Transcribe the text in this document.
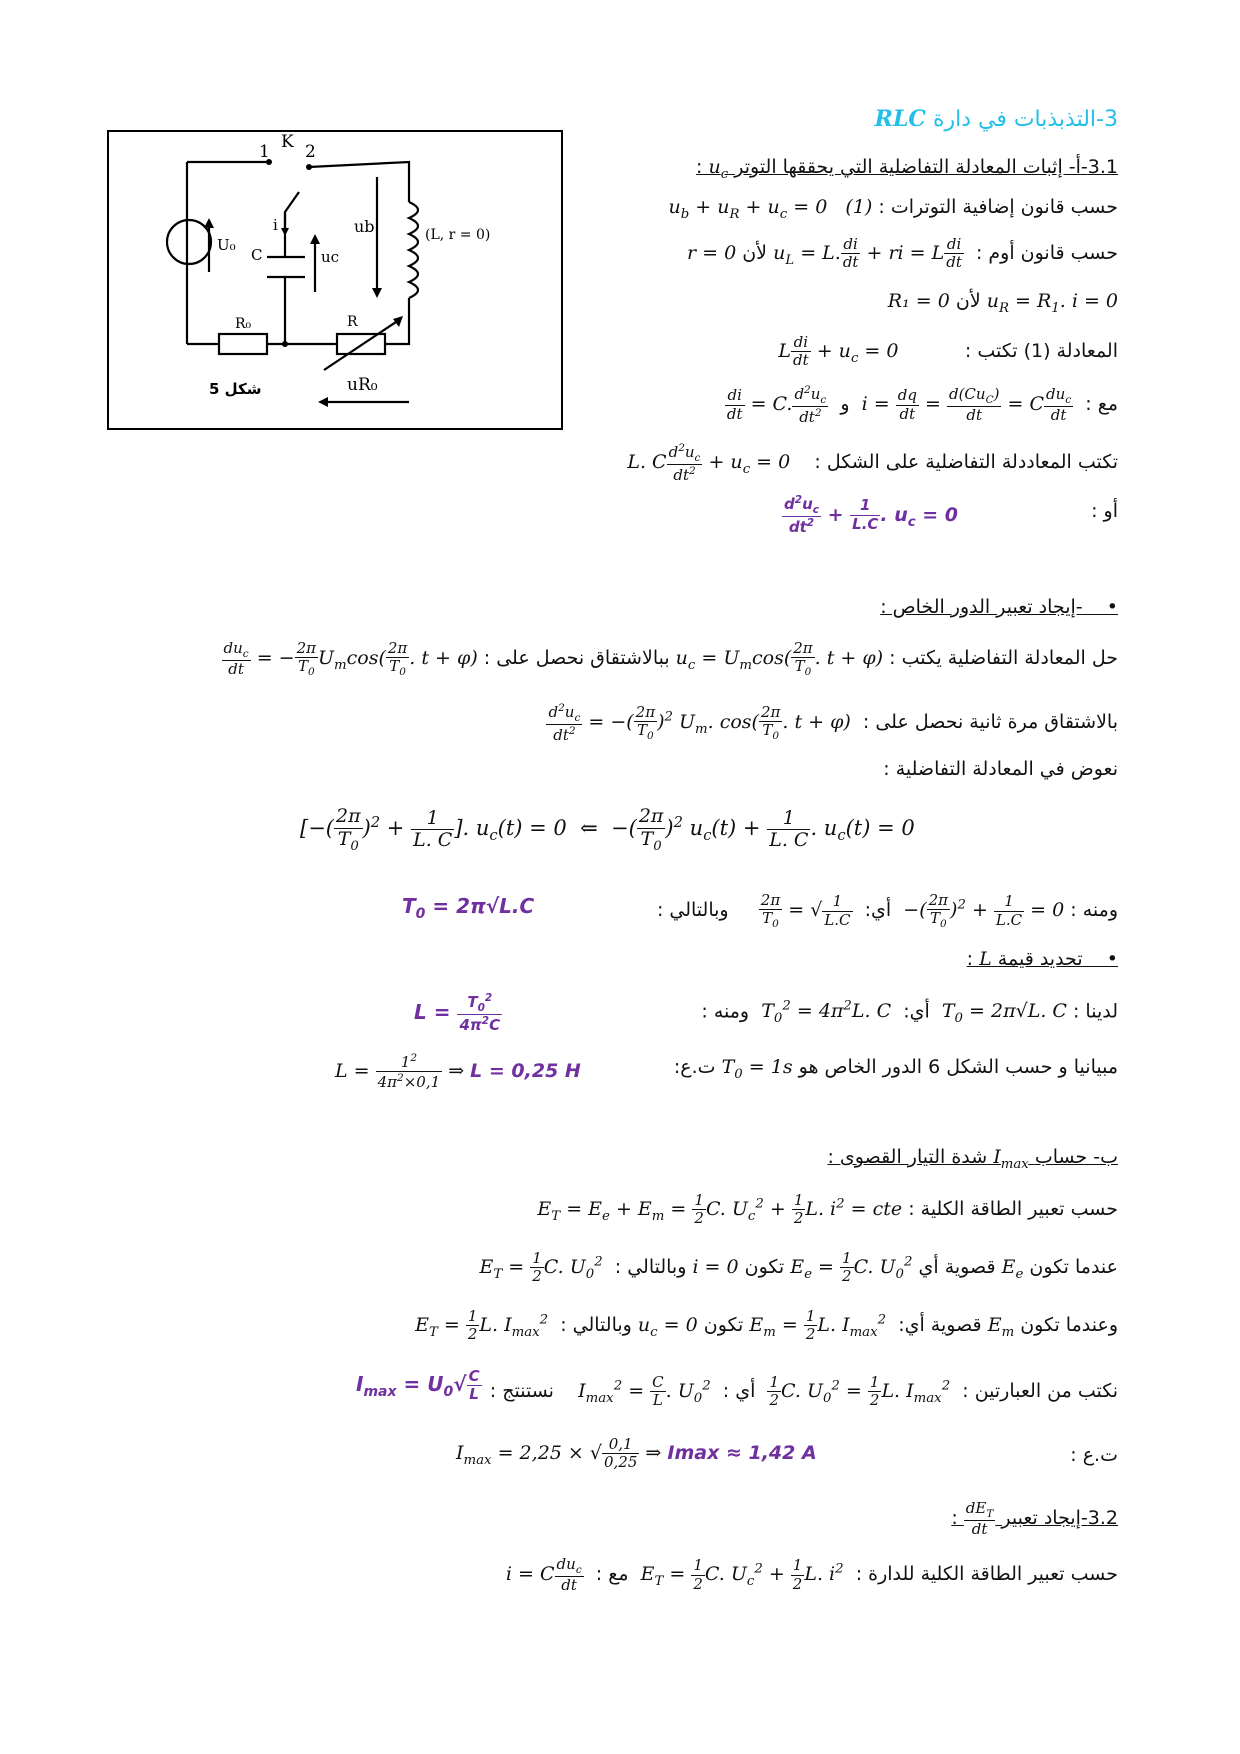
3-التذبذبات في دارة RLC
1 K 2
U₀
C
i
uc
ub	(L, r = 0)
R₀	R
uR₀
شكل 5
3.1-أ- إثبات المعادلة التفاضلية التي يحققها التوتر $u_c$ :
حسب قانون إضافية التوترات : $u_b + u_R + u_c = 0$   (1)
حسب قانون أوم :  $u_L = L$. $\frac{di}{dt}$ + ri = L $\frac{di}{dt}$
لأن r = 0
$u_R = R_1$. i = 0 لأن R₁ = 0
المعادلة (1) تكتب :           L $\frac{di}{dt} + u_c = 0$
مع :  $i = \frac{dq}{dt} = \frac{d(Cu_C)}{dt} = C \frac{du_c}{dt}$
و
$\frac{di}{dt} = C$. $\frac{d^2u_c}{dt^2}$
تكتب المعاددلة التفاضلية على الشكل :    L. C $\frac{d^2u_c}{dt^2} + u_c = 0$
أو :
$\frac{d^2u_c}{dt^2} + \frac{1}{L.C}$ . $u_c = 0$
•    -إيجاد تعبير الدور الخاص :
حل المعادلة التفاضلية يكتب : $u_c = U_m\cos( \frac{2\pi}{T_0}$ . t + φ) ببالاشتقاق نحصل على :
$\frac{du_c}{dt}$ = − $\frac{2\pi}{T_0} U_m\cos( \frac{2\pi}{T_0}$ . t + φ)
بالاشتقاق مرة ثانية نحصل على :
$\frac{d^2u_c}{dt^2}$ = −( $\frac{2\pi}{T_0} )^2$ $U_m$. $\cos( \frac{2\pi}{T_0}$ . t + φ)
نعوض في المعادلة التفاضلية :
[−( $\frac{2\pi}{T_0} )^2 + \frac{1}{L. C}$ ]. $u_c(t) = 0$  ⇐  −( $\frac{2\pi}{T_0} )^2$ $u_c(t) + \frac{1}{L. C}$ . $u_c(t) = 0$
ومنه : −( $\frac{2\pi}{T_0} )^2 + \frac{1}{L.C} = 0$  أي:
$\frac{2\pi}{T_0}$ = √ $\frac{1}{L.C}$
وبالتالي :
$T_0 = 2\pi√L.C$
•    تحديد قيمة L :
لدينا : $T_0 = 2\pi√L$. C  أي:  $T_0^2 = 4\pi^2L$. C  ومنه :
$L = \frac{T_0^2}{4\pi^2C}$
مبيانيا و حسب الشكل 6 الدور الخاص هو $T_0 = 1s$ ت.ع:
$L = \frac{1^2}{4\pi^2\times 0,1}$ ⇒ L = 0,25 H
ب- حساب $I_{max}$ شدة التيار القصوى :
حسب تعبير الطاقة الكلية : $E_T = E_e + E_m = \frac{1}{2} C$. $U_c^2 + \frac{1}{2} L$. $i^2$ = cte
عندما تكون $E_e$ قصوية أي $E_e = \frac{1}{2} C$. $U_0^2$ تكون i = 0 وبالتالي :  $E_T = \frac{1}{2} C$. $U_0^2$
وعندما تكون $E_m$ قصوية أي:  $E_m = \frac{1}{2} L$. $I_{max}^2$ تكون $u_c = 0$ وبالتالي :  $E_T = \frac{1}{2} L$. $I_{max}^2$
نكتب من العبارتين :
$\frac{1}{2} C$. $U_0^2 = \frac{1}{2} L$. $I_{max}^2$  أي :  $I_{max}^2 = \frac{C}{L}$ . $U_0^2$    نستنتج :
$I_{max} = U_0√ \frac{C}{L}$
ت.ع :
$I_{max} = 2,25$ × √ $\frac{0,1}{0,25}$ ⇒ Imax ≈ 1,42 A
3.2-إيجاد تعبير
$\frac{dE_T}{dt}$
:
حسب تعبير الطاقة الكلية للدارة :  $E_T = \frac{1}{2} C$. $U_c^2 + \frac{1}{2} L$. $i^2$  مع :  i = C $\frac{du_c}{dt}$
